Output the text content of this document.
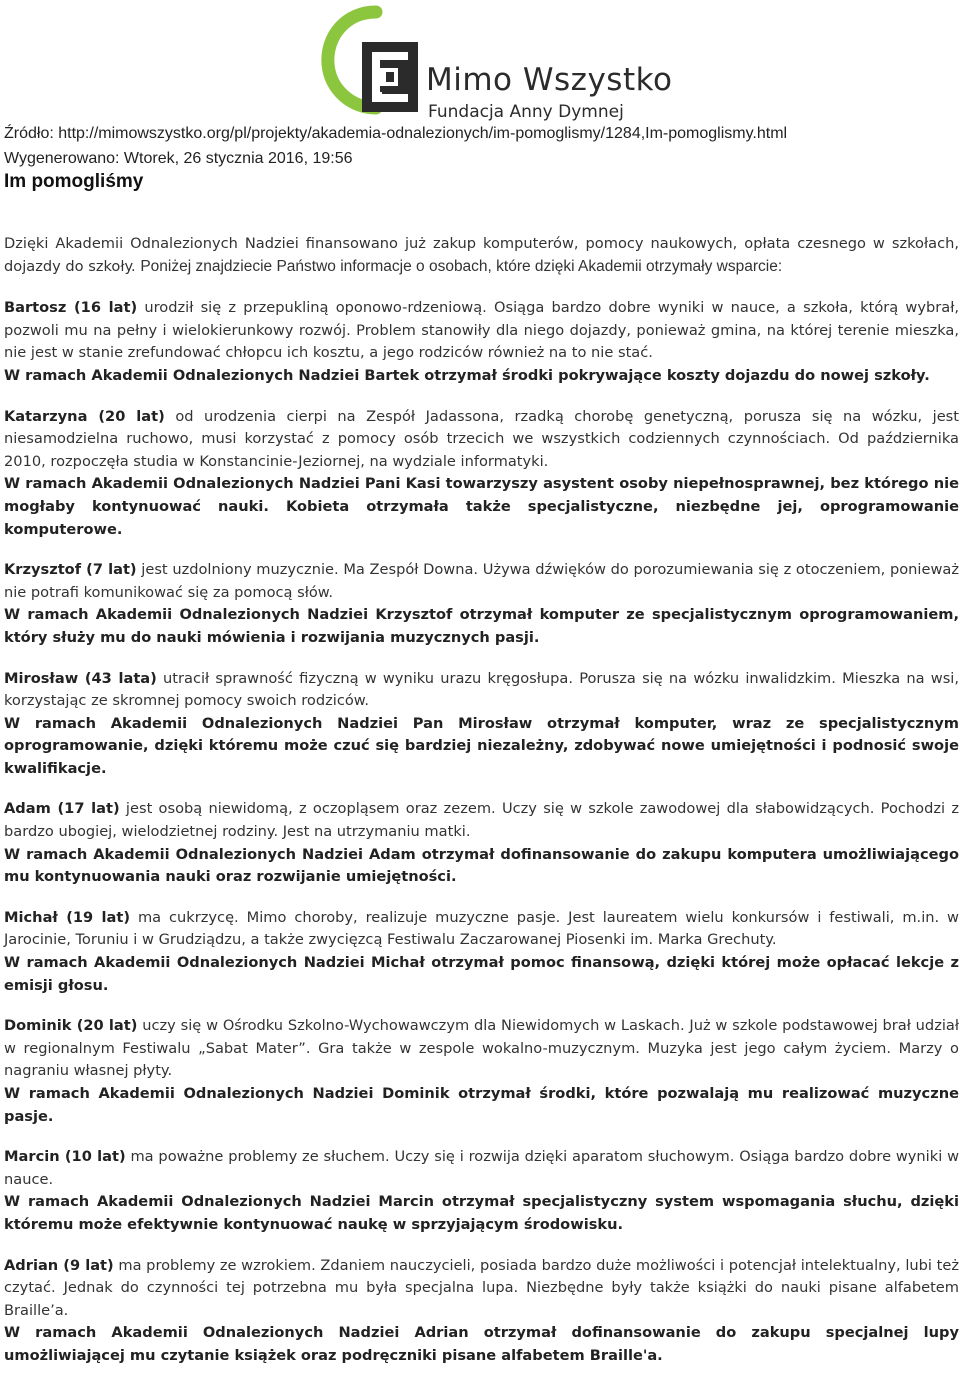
Mimo Wszystko
Fundacja Anny Dymnej
Źródło: http://mimowszystko.org/pl/projekty/akademia-odnalezionych/im-pomoglismy/1284,Im-pomoglismy.html
Wygenerowano: Wtorek, 26 stycznia 2016, 19:56
Im pomogliśmy

Dzięki Akademii Odnalezionych Nadziei finansowano już zakup komputerów, pomocy naukowych, opłata czesnego w szkołach, dojazdy do szkoły. Poniżej znajdziecie Państwo informacje o osobach, które dzięki Akademii otrzymały wsparcie:

Bartosz (16 lat) urodził się z przepukliną oponowo-rdzeniową. Osiąga bardzo dobre wyniki w nauce, a szkoła, którą wybrał, pozwoli mu na pełny i wielokierunkowy rozwój. Problem stanowiły dla niego dojazdy, ponieważ gmina, na której terenie mieszka, nie jest w stanie zrefundować chłopcu ich kosztu, a jego rodziców również na to nie stać.
W ramach Akademii Odnalezionych Nadziei Bartek otrzymał środki pokrywające koszty dojazdu do nowej szkoły.

Katarzyna (20 lat) od urodzenia cierpi na Zespół Jadassona, rzadką chorobę genetyczną, porusza się na wózku, jest niesamodzielna ruchowo, musi korzystać z pomocy osób trzecich we wszystkich codziennych czynnościach. Od października 2010, rozpoczęła studia w Konstancinie-Jeziornej, na wydziale informatyki.
W ramach Akademii Odnalezionych Nadziei Pani Kasi towarzyszy asystent osoby niepełnosprawnej, bez którego nie mogłaby kontynuować nauki. Kobieta otrzymała także specjalistyczne, niezbędne jej, oprogramowanie komputerowe.

Krzysztof (7 lat) jest uzdolniony muzycznie. Ma Zespół Downa. Używa dźwięków do porozumiewania się z otoczeniem, ponieważ nie potrafi komunikować się za pomocą słów.
W ramach Akademii Odnalezionych Nadziei Krzysztof otrzymał komputer ze specjalistycznym oprogramowaniem, który służy mu do nauki mówienia i rozwijania muzycznych pasji.

Mirosław (43 lata) utracił sprawność fizyczną w wyniku urazu kręgosłupa. Porusza się na wózku inwalidzkim. Mieszka na wsi, korzystając ze skromnej pomocy swoich rodziców.
W ramach Akademii Odnalezionych Nadziei Pan Mirosław otrzymał komputer, wraz ze specjalistycznym oprogramowanie, dzięki któremu może czuć się bardziej niezależny, zdobywać nowe umiejętności i podnosić swoje kwalifikacje.

Adam (17 lat) jest osobą niewidomą, z oczopląsem oraz zezem. Uczy się w szkole zawodowej dla słabowidzących. Pochodzi z bardzo ubogiej, wielodzietnej rodziny. Jest na utrzymaniu matki.
W ramach Akademii Odnalezionych Nadziei Adam otrzymał dofinansowanie do zakupu komputera umożliwiającego mu kontynuowania nauki oraz rozwijanie umiejętności.

Michał (19 lat) ma cukrzycę. Mimo choroby, realizuje muzyczne pasje. Jest laureatem wielu konkursów i festiwali, m.in. w Jarocinie, Toruniu i w Grudziądzu, a także zwycięzcą Festiwalu Zaczarowanej Piosenki im. Marka Grechuty.
W ramach Akademii Odnalezionych Nadziei Michał otrzymał pomoc finansową, dzięki której może opłacać lekcje z emisji głosu.

Dominik (20 lat) uczy się w Ośrodku Szkolno-Wychowawczym dla Niewidomych w Laskach. Już w szkole podstawowej brał udział w regionalnym Festiwalu „Sabat Mater”. Gra także w zespole wokalno-muzycznym. Muzyka jest jego całym życiem. Marzy o nagraniu własnej płyty.
W ramach Akademii Odnalezionych Nadziei Dominik otrzymał środki, które pozwalają mu realizować muzyczne pasje.

Marcin (10 lat) ma poważne problemy ze słuchem. Uczy się i rozwija dzięki aparatom słuchowym. Osiąga bardzo dobre wyniki w nauce.
W ramach Akademii Odnalezionych Nadziei Marcin otrzymał specjalistyczny system wspomagania słuchu, dzięki któremu może efektywnie kontynuować naukę w sprzyjającym środowisku.

Adrian (9 lat) ma problemy ze wzrokiem. Zdaniem nauczycieli, posiada bardzo duże możliwości i potencjał intelektualny, lubi też czytać. Jednak do czynności tej potrzebna mu była specjalna lupa. Niezbędne były także książki do nauki pisane alfabetem Braille’a.
W ramach Akademii Odnalezionych Nadziei Adrian otrzymał dofinansowanie do zakupu specjalnej lupy umożliwiającej mu czytanie książek oraz podręczniki pisane alfabetem Braille'a.
